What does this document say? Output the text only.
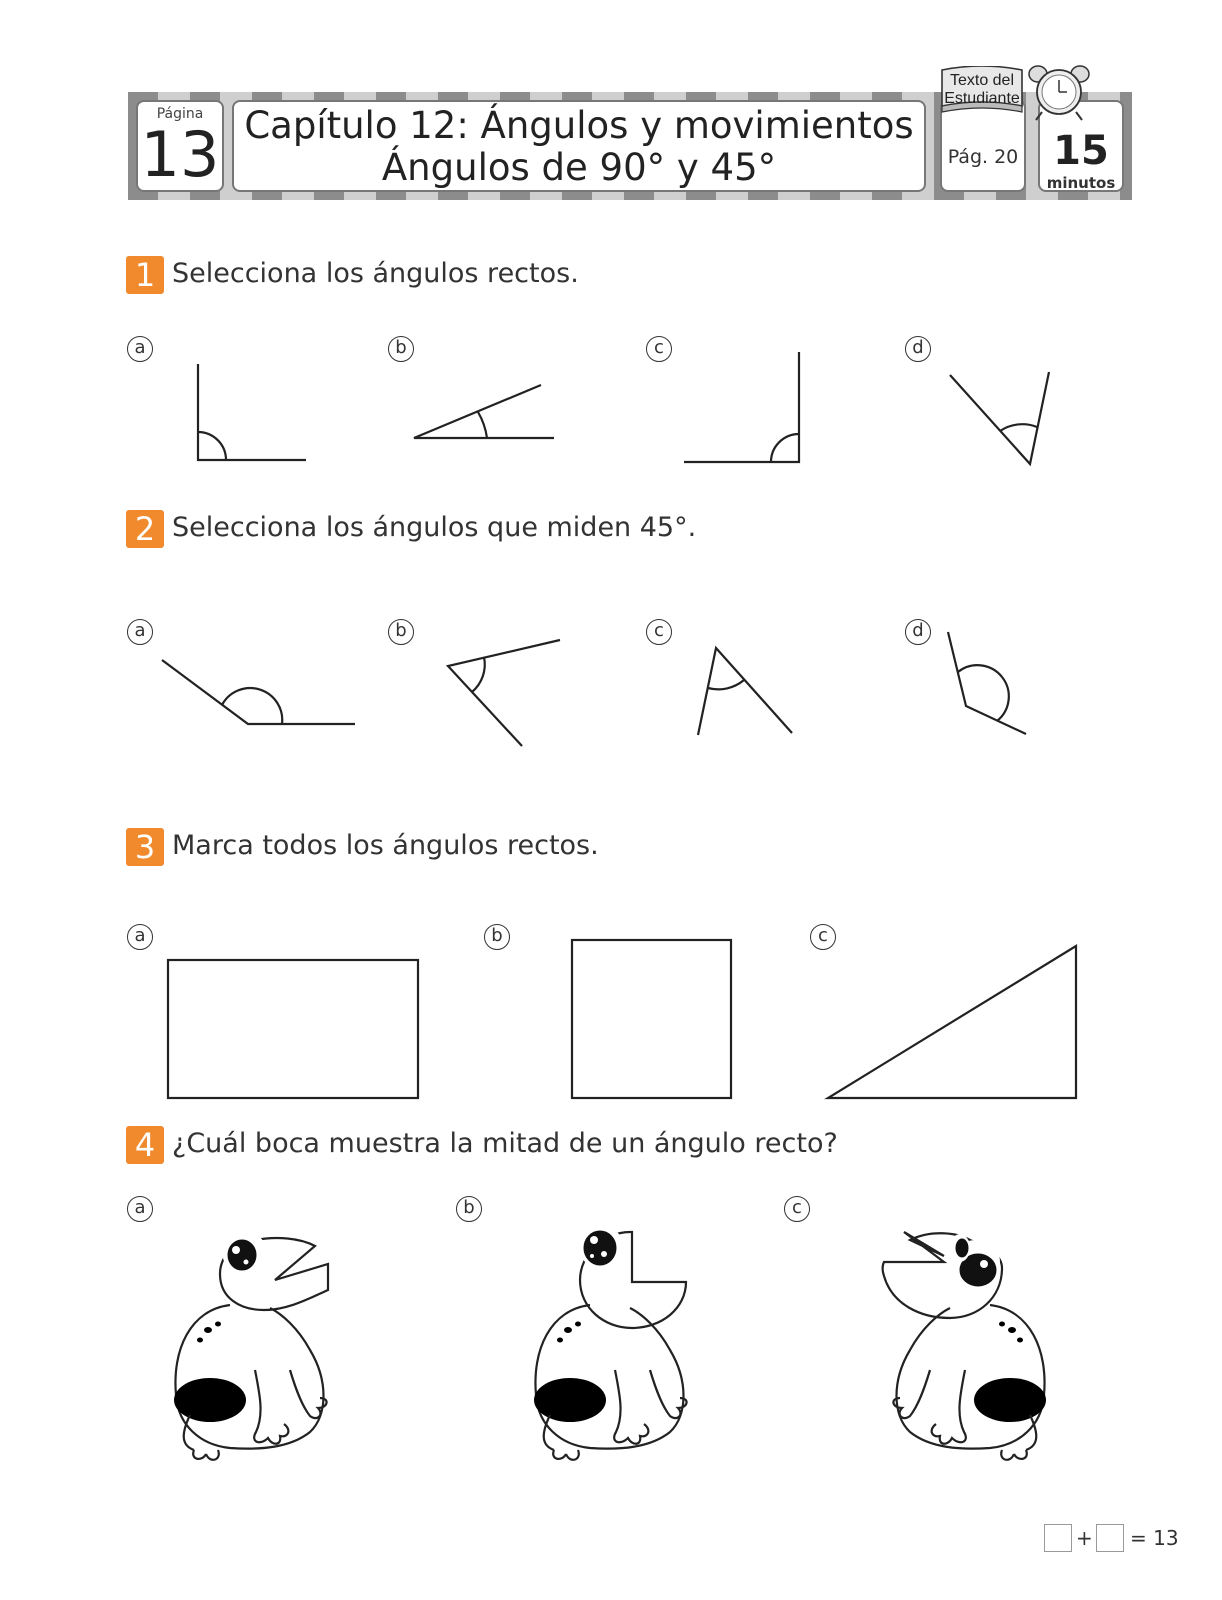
Página
13 Capítulo 12: Ángulos y movimientos
Ángulos de 90° y 45°	Pág. 20 15
minutos
Texto del Estudiante
1 Selecciona los ángulos rectos.
a	b	c	d
2 Selecciona los ángulos que miden 45°.
a	b	c	d
3 Marca todos los ángulos rectos.
a	b	c
4 ¿Cuál boca muestra la mitad de un ángulo recto?
a	b	c
+ = 13
